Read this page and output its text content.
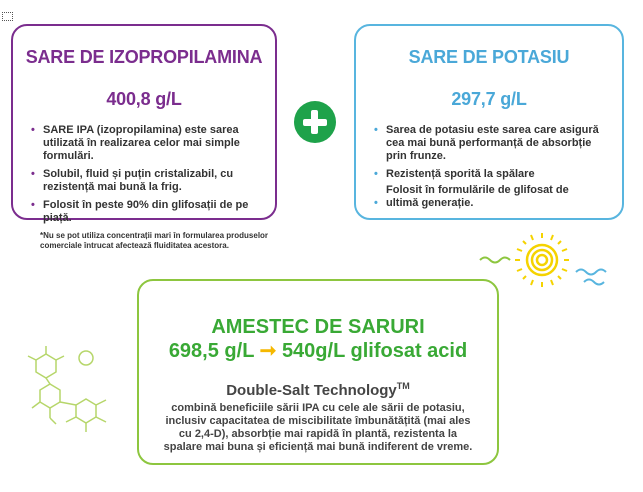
SARE DE IZOPROPILAMINA
400,8 g/L
• SARE IPA (izopropilamina) este sarea utilizată în realizarea celor mai simple formulări.
• Solubil, fluid și puțin cristalizabil, cu rezistență mai bună la frig.
• Folosit în peste 90% din glifosații de pe piață.
*Nu se pot utiliza concentrații mari în formularea produselor comerciale întrucat afectează fluiditatea acestora.
SARE DE POTASIU
297,7 g/L
• Sarea de potasiu este sarea care asigură cea mai bună performanță de absorbție prin frunze.
• Rezistență sporită la spălare
Folosit în formulările de glifosat de
• ultimă generație.
AMESTEC DE SARURI
698,5 g/L ➞ 540g/L glifosat acid
Double-Salt Technology™
combină beneficiile sării IPA cu cele ale sării de potasiu, inclusiv capacitatea de miscibilitate îmbunătățită (mai ales cu 2,4-D), absorbție mai rapidă în plantă, rezistenta la spalare mai buna și eficiență mai bună indiferent de vreme.
